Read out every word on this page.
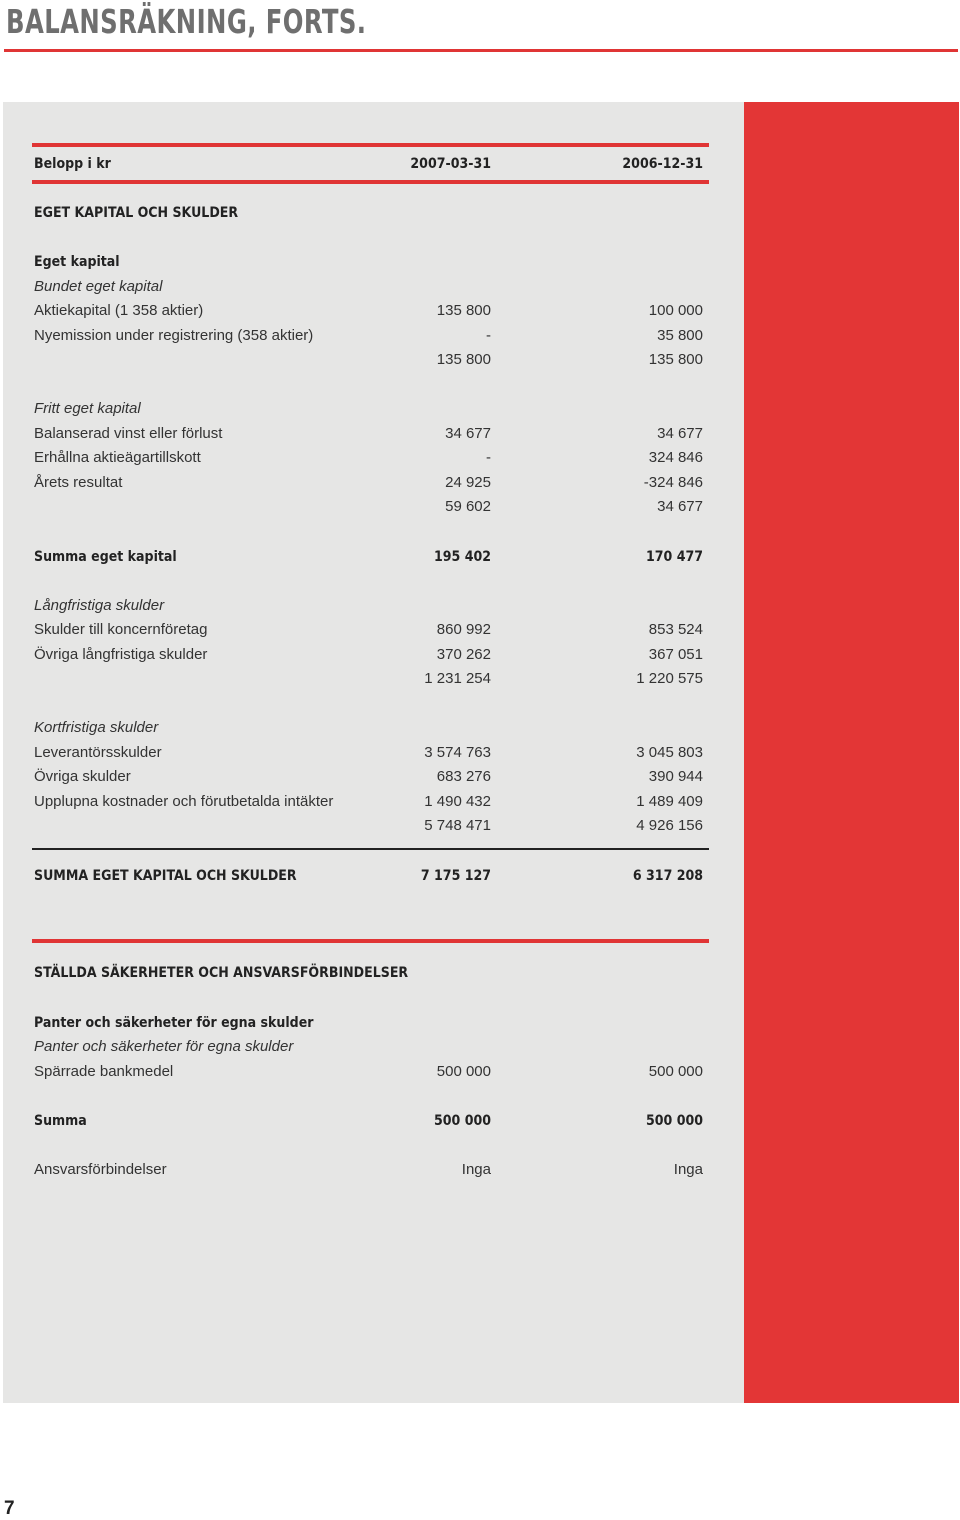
BALANSRÄKNING, FORTS.
Belopp i kr	2007-03-31	2006-12-31
EGET KAPITAL OCH SKULDER
Eget kapital
Bundet eget kapital
Aktiekapital (1 358 aktier)	135 800	100 000
Nyemission under registrering (358 aktier)	-	35 800
135 800	135 800
Fritt eget kapital
Balanserad vinst eller förlust	34 677	34 677
Erhållna aktieägartillskott	-	324 846
Årets resultat	24 925	-324 846
59 602	34 677
Summa eget kapital	195 402	170 477
Långfristiga skulder
Skulder till koncernföretag	860 992	853 524
Övriga långfristiga skulder	370 262	367 051
1 231 254	1 220 575
Kortfristiga skulder
Leverantörsskulder	3 574 763	3 045 803
Övriga skulder	683 276	390 944
Upplupna kostnader och förutbetalda intäkter	1 490 432	1 489 409
5 748 471	4 926 156
SUMMA EGET KAPITAL OCH SKULDER	7 175 127	6 317 208
STÄLLDA SÄKERHETER OCH ANSVARSFÖRBINDELSER
Panter och säkerheter för egna skulder
Panter och säkerheter för egna skulder
Spärrade bankmedel	500 000	500 000
Summa	500 000	500 000
Ansvarsförbindelser	Inga	Inga
7
